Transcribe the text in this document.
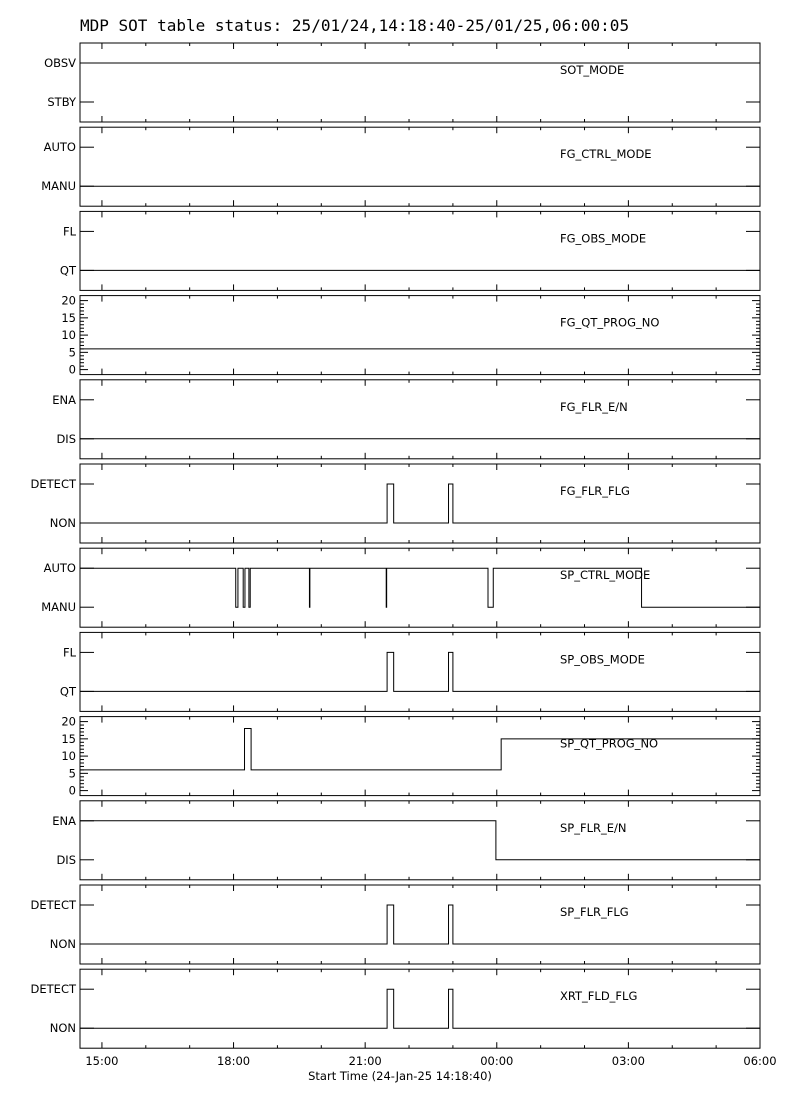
MDP SOT table status: 25/01/24,14:18:40-25/01/25,06:00:05
OBSV
STBY
SOT_MODE
AUTO
MANU
FG_CTRL_MODE
FL
QT
FG_OBS_MODE
20
15
10
5
0
FG_QT_PROG_NO
ENA
DIS
FG_FLR_E/N
DETECT
NON
FG_FLR_FLG
AUTO
MANU
SP_CTRL_MODE
FL
QT
SP_OBS_MODE
20
15
10
5
0
SP_QT_PROG_NO
ENA
DIS
SP_FLR_E/N
DETECT
NON
SP_FLR_FLG
DETECT
NON
XRT_FLD_FLG
15:00	18:00	21:00	00:00	03:00	06:00
Start Time (24-Jan-25 14:18:40)
